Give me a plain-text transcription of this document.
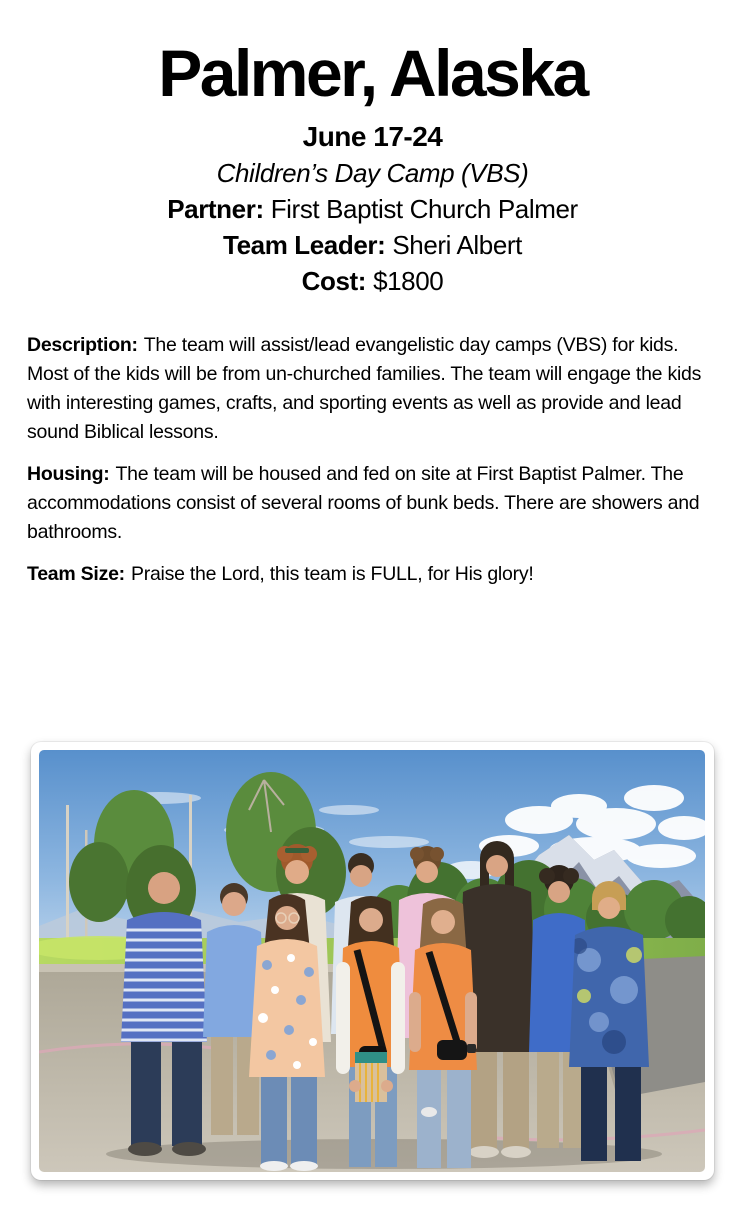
Palmer, Alaska
June 17-24
Children’s Day Camp (VBS)
Partner: First Baptist Church Palmer
Team Leader: Sheri Albert
Cost: $1800

Description: The team will assist/lead evangelistic day camps (VBS) for kids. Most of the kids will be from un-churched families. The team will engage the kids with interesting games, crafts, and sporting events as well as provide and lead sound Biblical lessons.

Housing: The team will be housed and fed on site at First Baptist Palmer. The accommodations consist of several rooms of bunk beds. There are showers and bathrooms.

Team Size: Praise the Lord, this team is FULL, for His glory!
